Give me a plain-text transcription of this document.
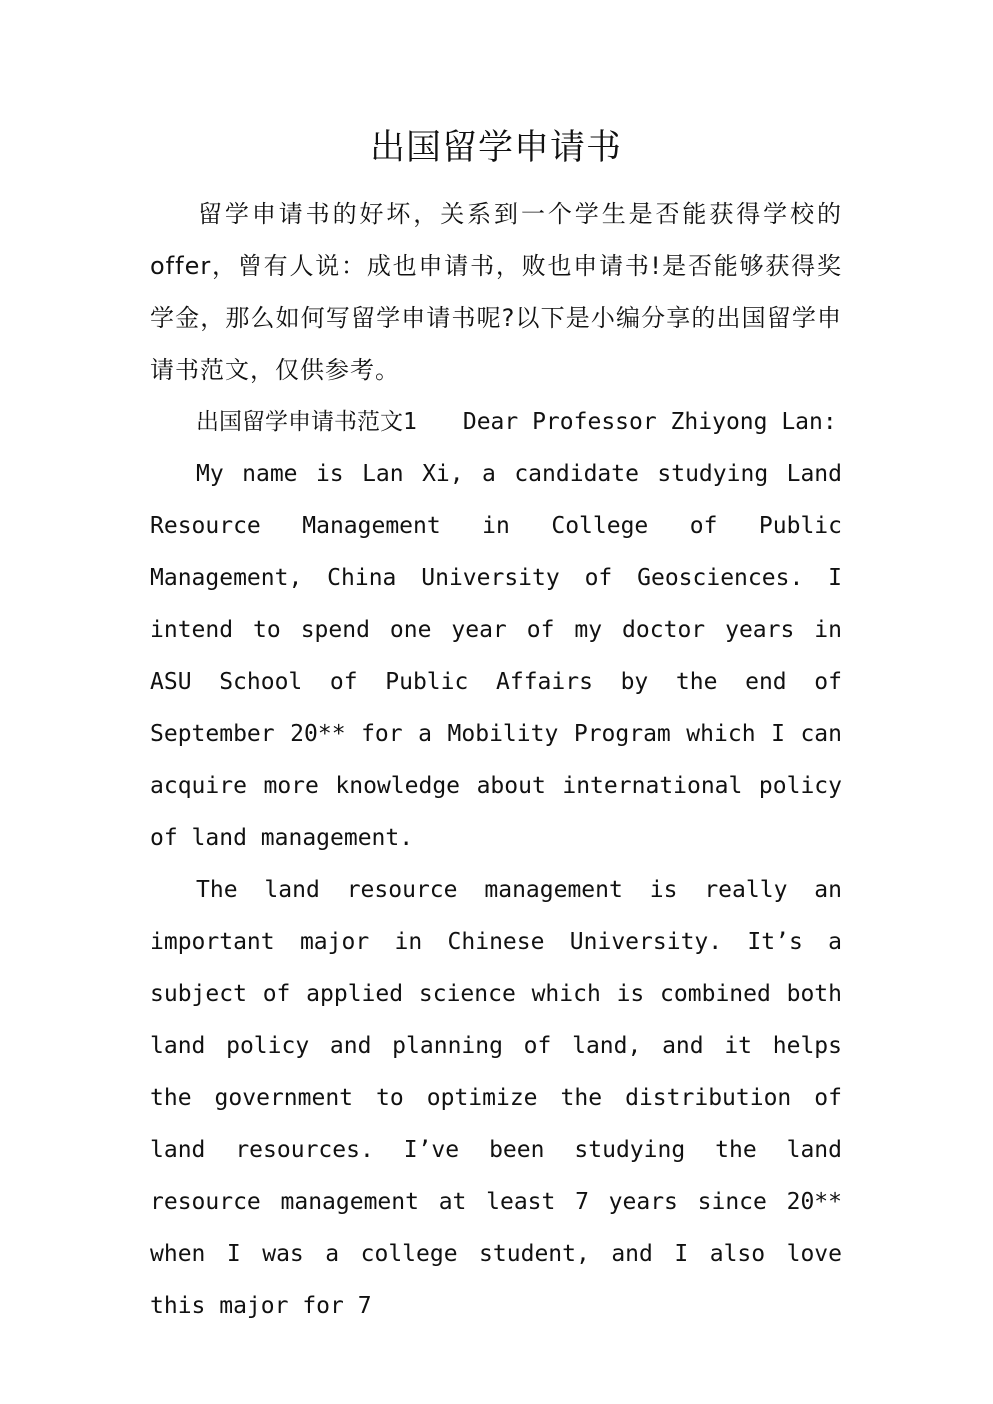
出国留学申请书

留学申请书的好坏，关系到一个学生是否能获得学校的offer，曾有人说：成也申请书，败也申请书!是否能够获得奖学金，那么如何写留学申请书呢?以下是小编分享的出国留学申请书范文，仅供参考。

出国留学申请书范文1　　Dear Professor Zhiyong Lan:

My name is Lan Xi, a candidate studying Land Resource Management in College of Public Management, China University of Geosciences. I intend to spend one year of my doctor years in ASU School of Public Affairs by the end of September 20** for a Mobility Program which I can acquire more knowledge about international policy of land management.

The land resource management is really an important major in Chinese University. It’s a subject of applied science which is combined both land policy and planning of land, and it helps the government to optimize the distribution of land resources. I’ve been studying the land resource management at least 7 years since 20** when I was a college student, and I also love this major for 7
